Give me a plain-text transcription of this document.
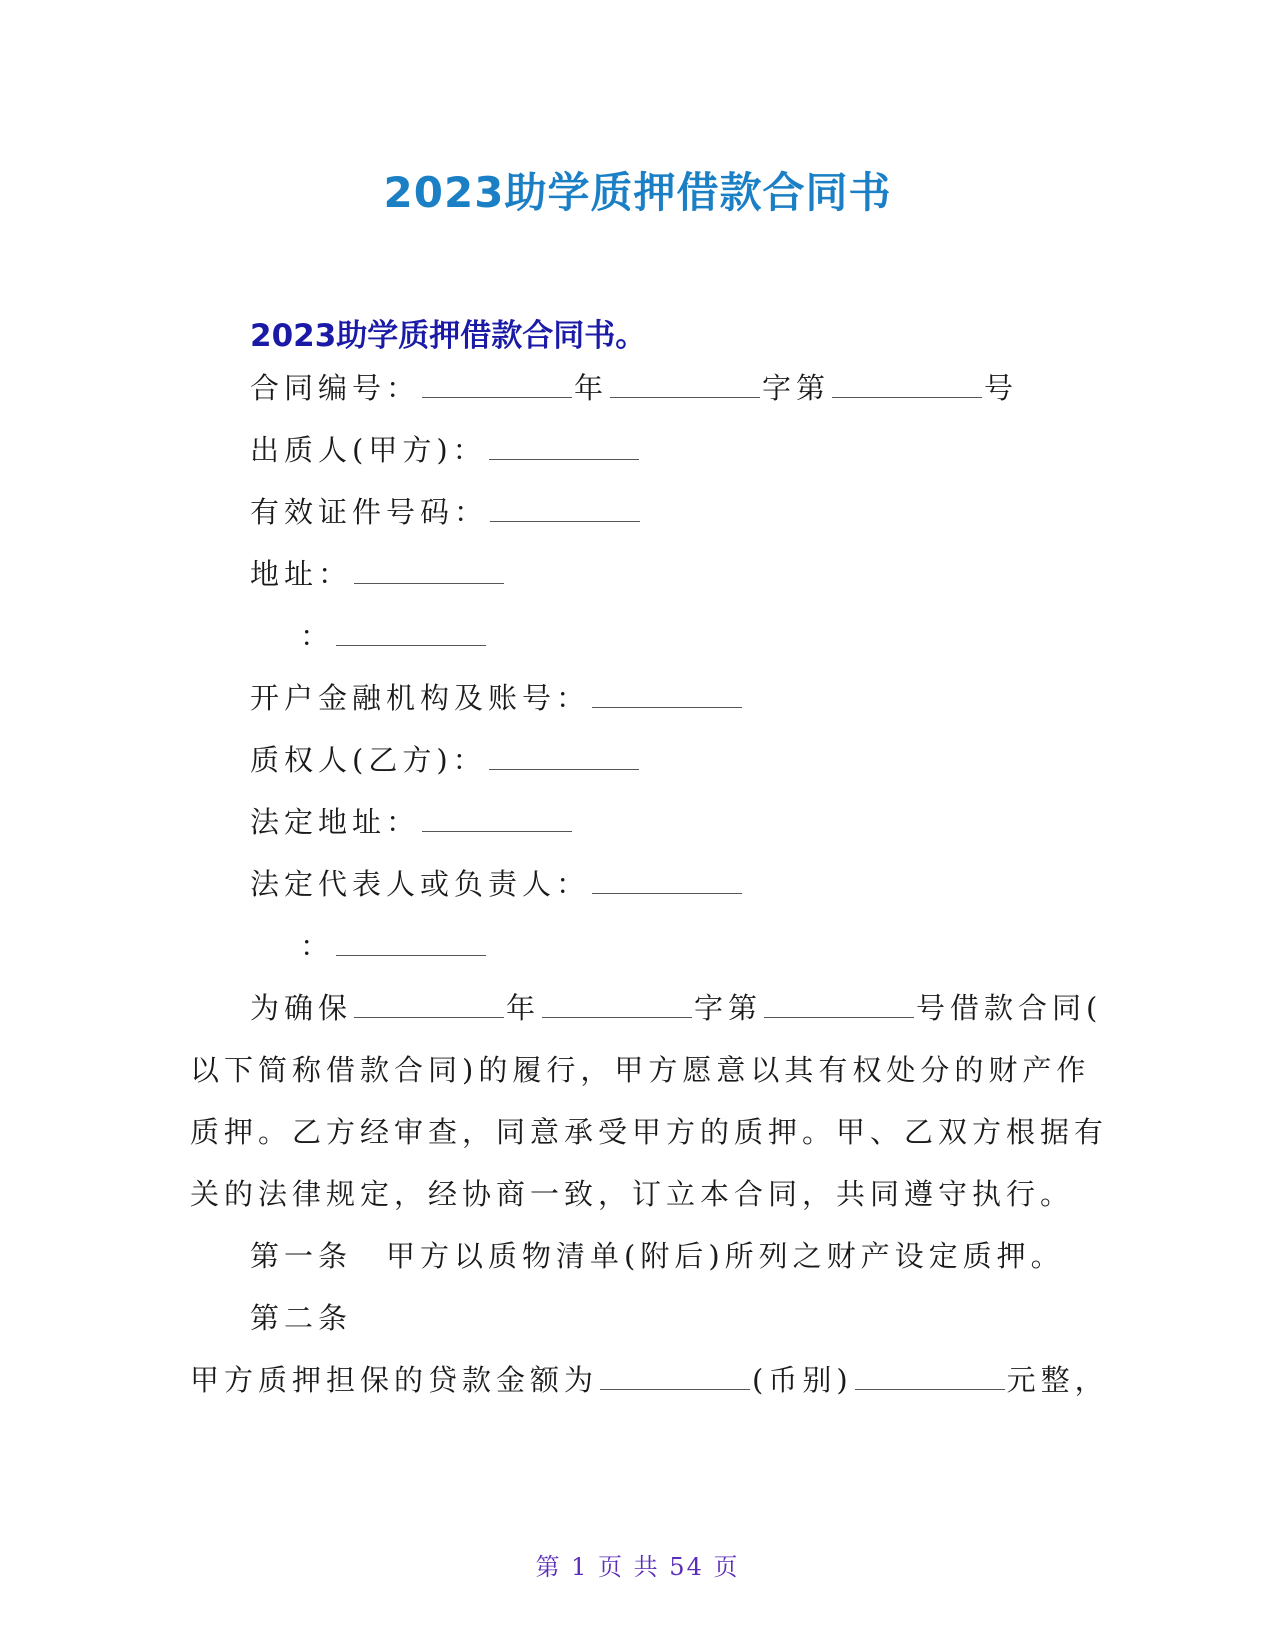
2023助学质押借款合同书
2023助学质押借款合同书。
合同编号：	年	字第	号
出质人(甲方)：
有效证件号码：
地址：
：
开户金融机构及账号：
质权人(乙方)：
法定地址：
法定代表人或负责人：
：
为确保	年	字第	号借款合同(
以下简称借款合同)的履行，甲方愿意以其有权处分的财产作
质押。乙方经审查，同意承受甲方的质押。甲、乙双方根据有
关的法律规定，经协商一致，订立本合同，共同遵守执行。
第一条　甲方以质物清单(附后)所列之财产设定质押。
第二条
甲方质押担保的贷款金额为	(币别)	元整，
第 1 页 共 54 页
